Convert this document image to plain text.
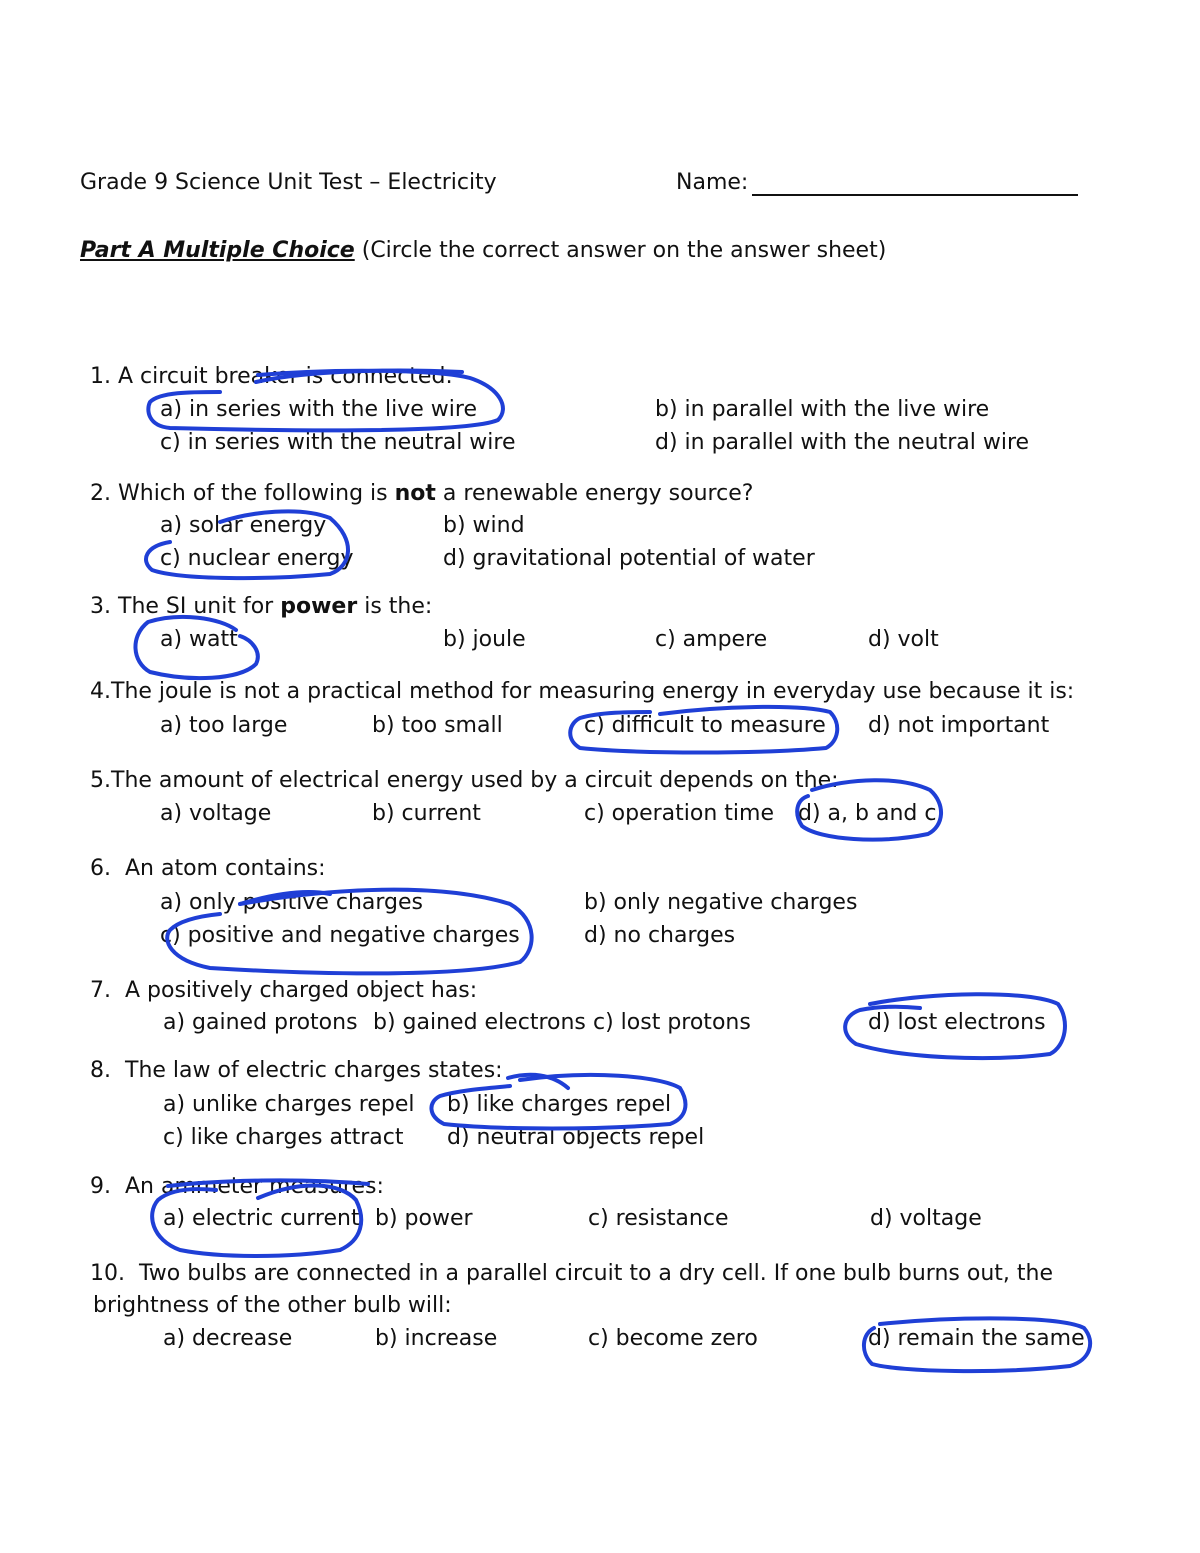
Grade 9 Science Unit Test – Electricity	Name:
Part A Multiple Choice (Circle the correct answer on the answer sheet)
1. A circuit breaker is connected:
a) in series with the live wire	b) in parallel with the live wire
c) in series with the neutral wire	d) in parallel with the neutral wire
2. Which of the following is not a renewable energy source?
a) solar energy	b) wind
c) nuclear energy	d) gravitational potential of water
3. The SI unit for power is the:
a) watt	b) joule	c) ampere	d) volt
4.The joule is not a practical method for measuring energy in everyday use because it is:
a) too large	b) too small	c) difficult to measure d) not important
5.The amount of electrical energy used by a circuit depends on the:
a) voltage	b) current	c) operation time d) a, b and c
6. An atom contains:
a) only positive charges	b) only negative charges
c) positive and negative charges	d) no charges
7. A positively charged object has:
a) gained protons b) gained electrons c) lost protons	d) lost electrons
8. The law of electric charges states:
a) unlike charges repel b) like charges repel
c) like charges attract d) neutral objects repel
9. An ammeter measures:
a) electric current b) power	c) resistance	d) voltage
10. Two bulbs are connected in a parallel circuit to a dry cell. If one bulb burns out, the
brightness of the other bulb will:
a) decrease	b) increase	c) become zero	d) remain the same
